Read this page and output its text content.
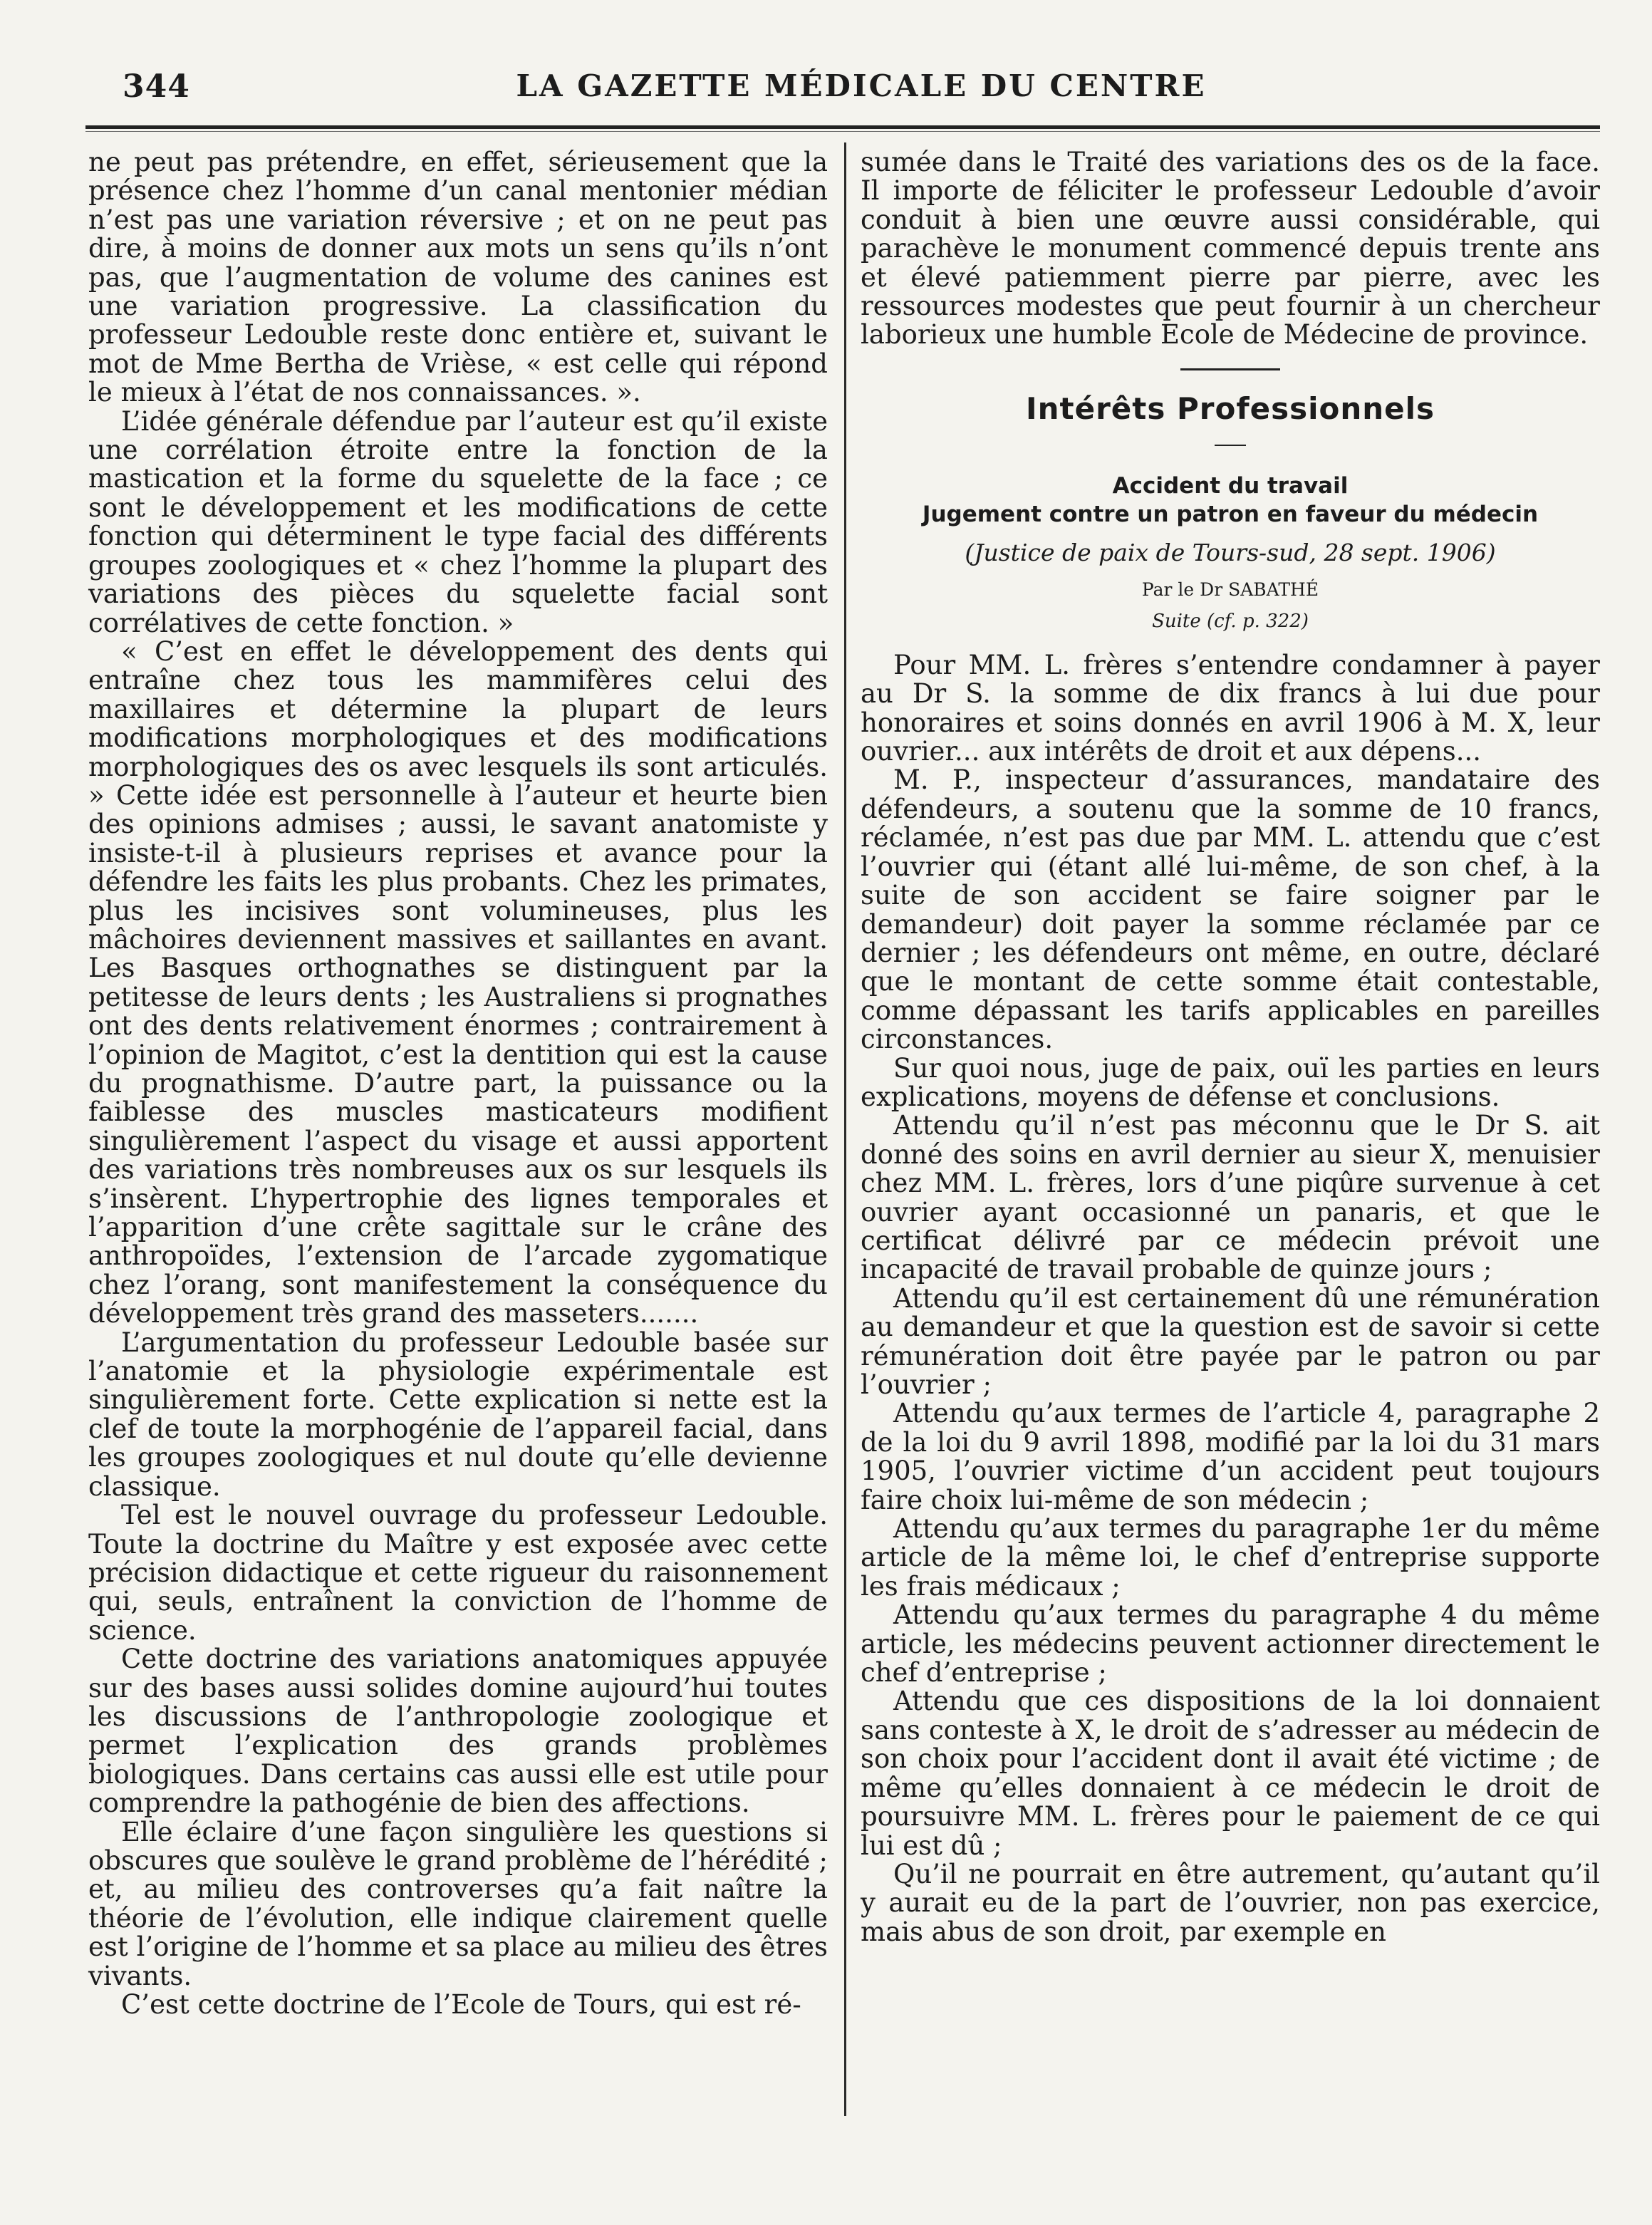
344	LA GAZETTE MÉDICALE DU CENTRE

ne peut pas prétendre, en effet, sérieusement que la présence chez l’homme d’un canal mentonier médian n’est pas une variation réversive ; et on ne peut pas dire, à moins de donner aux mots un sens qu’ils n’ont pas, que l’augmentation de volume des canines est une variation progressive. La classification du professeur Ledouble reste donc entière et, suivant le mot de Mme Bertha de Vrièse, « est celle qui répond le mieux à l’état de nos connaissances. ».

L’idée générale défendue par l’auteur est qu’il existe une corrélation étroite entre la fonction de la mastication et la forme du squelette de la face ; ce sont le développement et les modifications de cette fonction qui déterminent le type facial des différents groupes zoologiques et « chez l’homme la plupart des variations des pièces du squelette facial sont corrélatives de cette fonction. »

« C’est en effet le développement des dents qui entraîne chez tous les mammifères celui des maxillaires et détermine la plupart de leurs modifications morphologiques et des modifications morphologiques des os avec lesquels ils sont articulés. » Cette idée est personnelle à l’auteur et heurte bien des opinions admises ; aussi, le savant anatomiste y insiste-t-il à plusieurs reprises et avance pour la défendre les faits les plus probants. Chez les primates, plus les incisives sont volumineuses, plus les mâchoires deviennent massives et saillantes en avant. Les Basques orthognathes se distinguent par la petitesse de leurs dents ; les Australiens si prognathes ont des dents relativement énormes ; contrairement à l’opinion de Magitot, c’est la dentition qui est la cause du prognathisme. D’autre part, la puissance ou la faiblesse des muscles masticateurs modifient singulièrement l’aspect du visage et aussi apportent des variations très nombreuses aux os sur lesquels ils s’insèrent. L’hypertrophie des lignes temporales et l’apparition d’une crête sagittale sur le crâne des anthropoïdes, l’extension de l’arcade zygomatique chez l’orang, sont manifestement la conséquence du développement très grand des masseters.......

L’argumentation du professeur Ledouble basée sur l’anatomie et la physiologie expérimentale est singulièrement forte. Cette explication si nette est la clef de toute la morphogénie de l’appareil facial, dans les groupes zoologiques et nul doute qu’elle devienne classique.

Tel est le nouvel ouvrage du professeur Ledouble. Toute la doctrine du Maître y est exposée avec cette précision didactique et cette rigueur du raisonnement qui, seuls, entraînent la conviction de l’homme de science.

Cette doctrine des variations anatomiques appuyée sur des bases aussi solides domine aujourd’hui toutes les discussions de l’anthropologie zoologique et permet l’explication des grands problèmes biologiques. Dans certains cas aussi elle est utile pour comprendre la pathogénie de bien des affections.

Elle éclaire d’une façon singulière les questions si obscures que soulève le grand problème de l’hérédité ; et, au milieu des controverses qu’a fait naître la théorie de l’évolution, elle indique clairement quelle est l’origine de l’homme et sa place au milieu des êtres vivants.

C’est cette doctrine de l’Ecole de Tours, qui est ré-

sumée dans le Traité des variations des os de la face. Il importe de féliciter le professeur Ledouble d’avoir conduit à bien une œuvre aussi considérable, qui parachève le monument commencé depuis trente ans et élevé patiemment pierre par pierre, avec les ressources modestes que peut fournir à un chercheur laborieux une humble Ecole de Médecine de province.

Intérêts Professionnels
Accident du travail
Jugement contre un patron en faveur du médecin
(Justice de paix de Tours-sud, 28 sept. 1906)
Par le Dr SABATHÉ
Suite (cf. p. 322)

Pour MM. L. frères s’entendre condamner à payer au Dr S. la somme de dix francs à lui due pour honoraires et soins donnés en avril 1906 à M. X, leur ouvrier... aux intérêts de droit et aux dépens...

M. P., inspecteur d’assurances, mandataire des défendeurs, a soutenu que la somme de 10 francs, réclamée, n’est pas due par MM. L. attendu que c’est l’ouvrier qui (étant allé lui-même, de son chef, à la suite de son accident se faire soigner par le demandeur) doit payer la somme réclamée par ce dernier ; les défendeurs ont même, en outre, déclaré que le montant de cette somme était contestable, comme dépassant les tarifs applicables en pareilles circonstances.

Sur quoi nous, juge de paix, ouï les parties en leurs explications, moyens de défense et conclusions.

Attendu qu’il n’est pas méconnu que le Dr S. ait donné des soins en avril dernier au sieur X, menuisier chez MM. L. frères, lors d’une piqûre survenue à cet ouvrier ayant occasionné un panaris, et que le certificat délivré par ce médecin prévoit une incapacité de travail probable de quinze jours ;

Attendu qu’il est certainement dû une rémunération au demandeur et que la question est de savoir si cette rémunération doit être payée par le patron ou par l’ouvrier ;

Attendu qu’aux termes de l’article 4, paragraphe 2 de la loi du 9 avril 1898, modifié par la loi du 31 mars 1905, l’ouvrier victime d’un accident peut toujours faire choix lui-même de son médecin ;

Attendu qu’aux termes du paragraphe 1er du même article de la même loi, le chef d’entreprise supporte les frais médicaux ;

Attendu qu’aux termes du paragraphe 4 du même article, les médecins peuvent actionner directement le chef d’entreprise ;

Attendu que ces dispositions de la loi donnaient sans conteste à X, le droit de s’adresser au médecin de son choix pour l’accident dont il avait été victime ; de même qu’elles donnaient à ce médecin le droit de poursuivre MM. L. frères pour le paiement de ce qui lui est dû ;

Qu’il ne pourrait en être autrement, qu’autant qu’il y aurait eu de la part de l’ouvrier, non pas exercice, mais abus de son droit, par exemple en
